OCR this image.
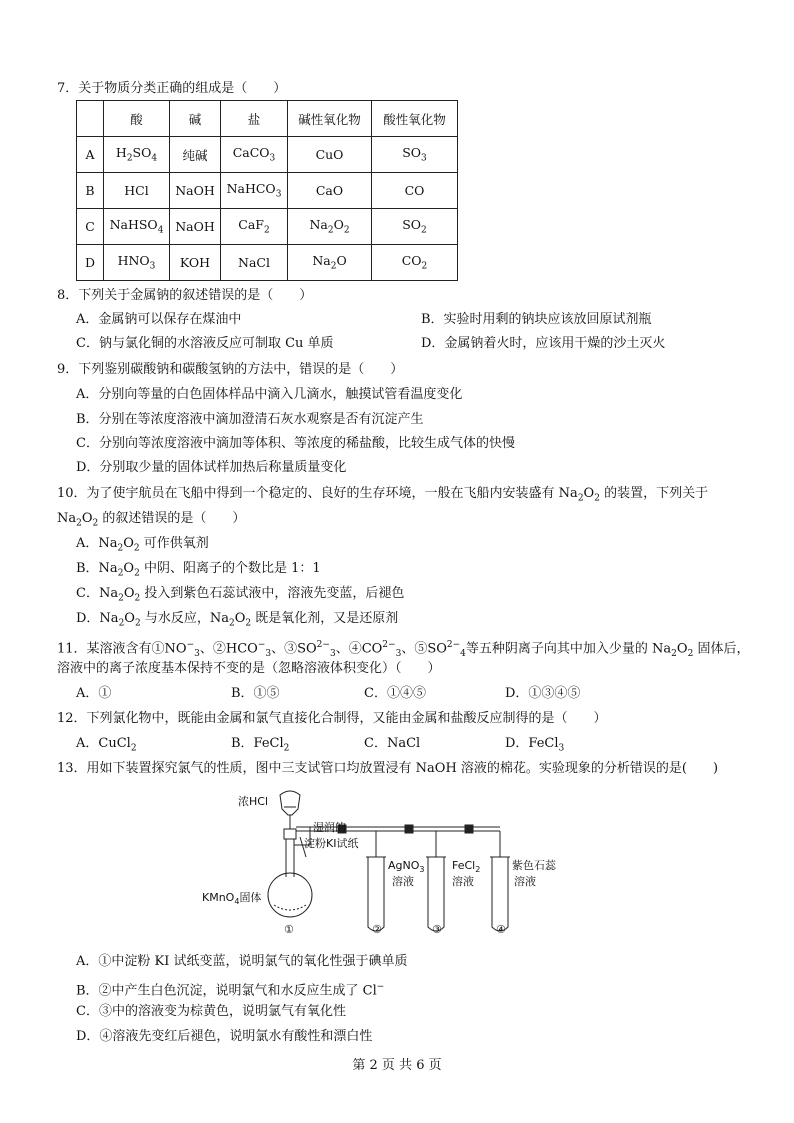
7．关于物质分类正确的组成是（　　）
	酸	碱	盐	碱性氧化物	酸性氧化物
A	$H_2SO_4$	纯碱	CaCO$_3$	CuO	$SO_3$
B	HCl	NaOH	NaHCO$_3$	CaO	CO
C	NaHSO$_4$	NaOH	CaF$_2$	$Na_2O_2$	$SO_2$
D	$HNO_3$	KOH	NaCl	$Na_2O$	$CO_2$
8．下列关于金属钠的叙述错误的是（　　）
A．金属钠可以保存在煤油中	B．实验时用剩的钠块应该放回原试剂瓶
C．钠与氯化铜的水溶液反应可制取 Cu 单质	D．金属钠着火时，应该用干燥的沙土灭火
9．下列鉴别碳酸钠和碳酸氢钠的方法中，错误的是（　　）
A．分别向等量的白色固体样品中滴入几滴水，触摸试管看温度变化
B．分别在等浓度溶液中滴加澄清石灰水观察是否有沉淀产生
C．分别向等浓度溶液中滴加等体积、等浓度的稀盐酸，比较生成气体的快慢
D．分别取少量的固体试样加热后称量质量变化
10．为了使宇航员在飞船中得到一个稳定的、良好的生存环境，一般在飞船内安装盛有 $Na_2O_2$ 的装置，下列关于
$Na_2O_2$ 的叙述错误的是（　　）
A．$Na_2O_2$ 可作供氧剂
B．$Na_2O_2$ 中阴、阳离子的个数比是 1：1
C．$Na_2O_2$ 投入到紫色石蕊试液中，溶液先变蓝，后褪色
D．$Na_2O_2$ 与水反应，$Na_2O_2$ 既是氧化剂，又是还原剂
11．某溶液含有$①NO^-_3$、$②HCO^-_3$、$③SO^{2-}_3$、$④CO^{2-}_3$、$⑤SO^{2-}_4$等五种阴离子向其中加入少量的 $Na_2O_2$ 固体后，
溶液中的离子浓度基本保持不变的是（忽略溶液体积变化）（　　）
A．①	B．①⑤	C．①④⑤	D．①③④⑤
12．下列氯化物中，既能由金属和氯气直接化合制得，又能由金属和盐酸反应制得的是（　　）
A．CuCl$_2$	B．FeCl$_2$	C．NaCl	D．FeCl$_3$
13．用如下装置探究氯气的性质，图中三支试管口均放置浸有 NaOH 溶液的棉花。实验现象的分析错误的是(　　)
浓HCl
湿润的
淀粉KI试纸
KMnO$_4$固体
AgNO$_3$
溶液
FeCl$_2$
溶液
紫色石蕊
溶液
①	②	③	④
A．①中淀粉 KI 试纸变蓝，说明氯气的氧化性强于碘单质
B．②中产生白色沉淀，说明氯气和水反应生成了 Cl−
C．③中的溶液变为棕黄色，说明氯气有氧化性
D．④溶液先变红后褪色，说明氯水有酸性和漂白性
第 2 页 共 6 页
